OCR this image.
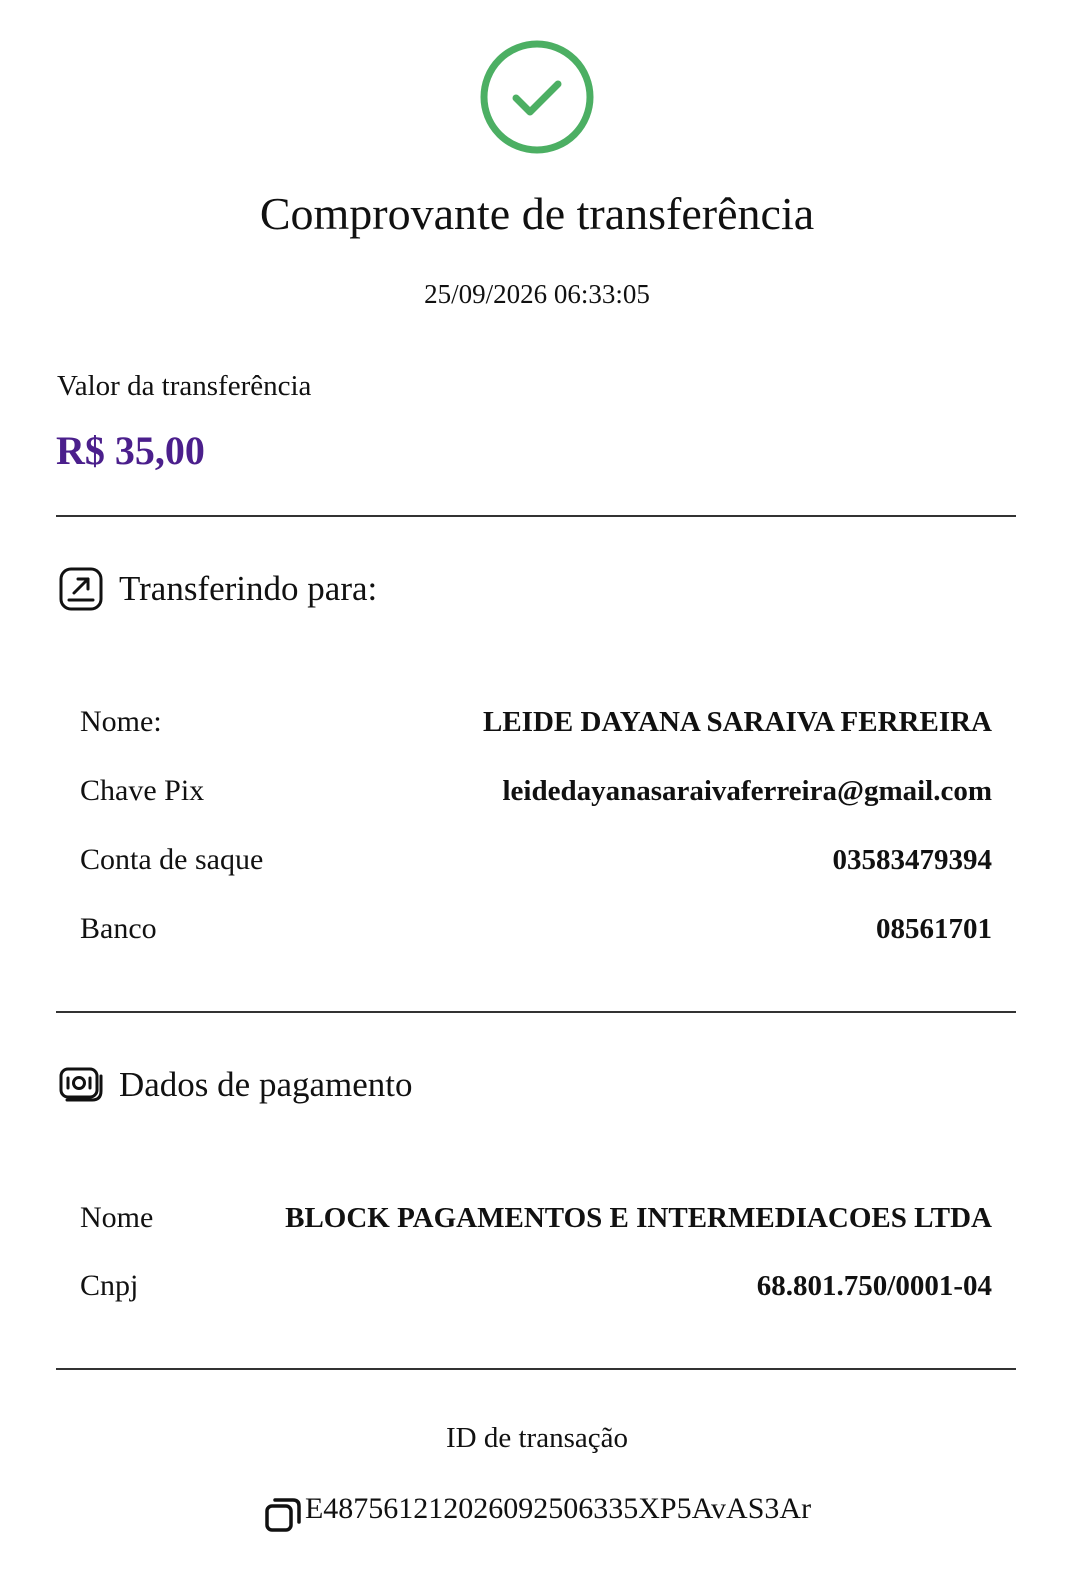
Comprovante de transferência
25/09/2026 06:33:05
Valor da transferência
R$ 35,00
Transferindo para:
Nome:	LEIDE DAYANA SARAIVA FERREIRA
Chave Pix	leidedayanasaraivaferreira@gmail.com
Conta de saque	03583479394
Banco	08561701
Dados de pagamento
Nome	BLOCK PAGAMENTOS E INTERMEDIACOES LTDA
Cnpj	68.801.750/0001-04
ID de transação
E487561212026092506335XP5AvAS3Ar
